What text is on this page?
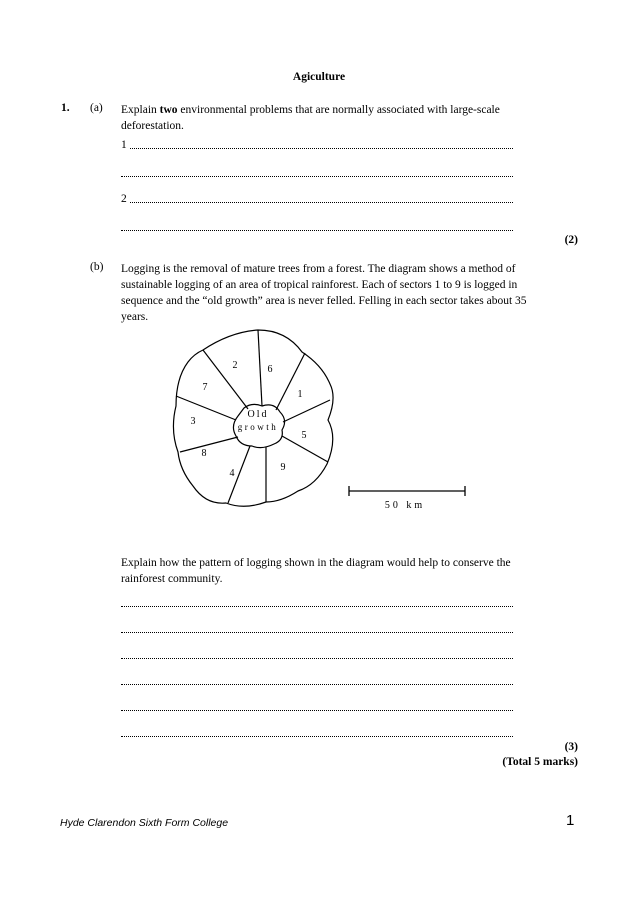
Agiculture
1. (a) Explain two environmental problems that are normally associated with large-scale deforestation.
1
2
(2)
(b) Logging is the removal of mature trees from a forest. The diagram shows a method of sustainable logging of an area of tropical rainforest. Each of sectors 1 to 9 is logged in sequence and the “old growth” area is never felled. Felling in each sector takes about 35 years.
2	6
7
1
3
5
8
9
4
Old
growth
50 km
Explain how the pattern of logging shown in the diagram would help to conserve the rainforest community.
(3)
(Total 5 marks)
Hyde Clarendon Sixth Form College	1
